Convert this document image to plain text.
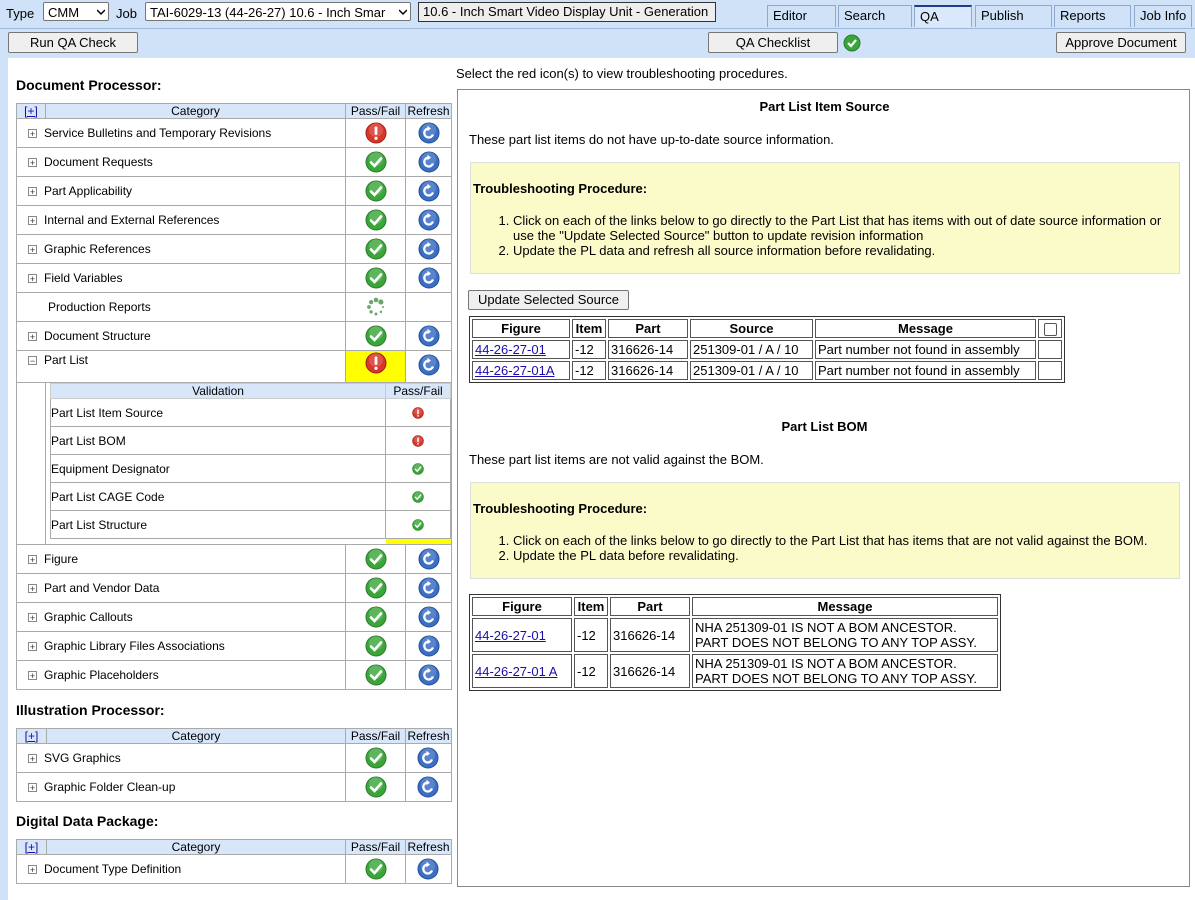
Type	CMM	Job	TAI-6029-13 (44-26-27) 10.6 - Inch Smar	10.6 - Inch Smart Video Display Unit - Generation	Editor	Search	QA	Publish	Reports	Job Info
Run QA Check	QA Checklist	Approve Document
Document Processor:
[+]	Category	Pass/Fail	Refresh
+ Service Bulletins and Temporary Revisions		
+ Document Requests		
+ Part Applicability		
+ Internal and External References		
+ Graphic References		
+ Field Variables		
Production Reports		
+ Document Structure		
− Part List		

Validation	Pass/Fail
Part List Item Source	
Part List BOM	
Equipment Designator	
Part List CAGE Code	
Part List Structure	

+ Figure		
+ Part and Vendor Data		
+ Graphic Callouts		
+ Graphic Library Files Associations		
+ Graphic Placeholders		
Illustration Processor:
[+]	Category	Pass/Fail	Refresh
+ SVG Graphics		
+ Graphic Folder Clean-up		
Digital Data Package:
[+]	Category	Pass/Fail	Refresh
+ Document Type Definition		
Select the red icon(s) to view troubleshooting procedures.
Part List Item Source
These part list items do not have up-to-date source information.
Troubleshooting Procedure:
1. Click on each of the links below to go directly to the Part List that has items with out of date source information or use the "Update Selected Source" button to update revision information
2. Update the PL data and refresh all source information before revalidating.
Update Selected Source
Figure	Item	Part	Source	Message	
44-26-27-01	-12	316626-14	251309-01 / A / 10	Part number not found in assembly	
44-26-27-01A	-12	316626-14	251309-01 / A / 10	Part number not found in assembly	
Part List BOM
These part list items are not valid against the BOM.
Troubleshooting Procedure:
1. Click on each of the links below to go directly to the Part List that has items that are not valid against the BOM.
2. Update the PL data before revalidating.
Figure	Item	Part	Message
44-26-27-01	-12	316626-14	NHA 251309-01 IS NOT A BOM ANCESTOR.
PART DOES NOT BELONG TO ANY TOP ASSY.

44-26-27-01 A	-12	316626-14	NHA 251309-01 IS NOT A BOM ANCESTOR.
PART DOES NOT BELONG TO ANY TOP ASSY.
